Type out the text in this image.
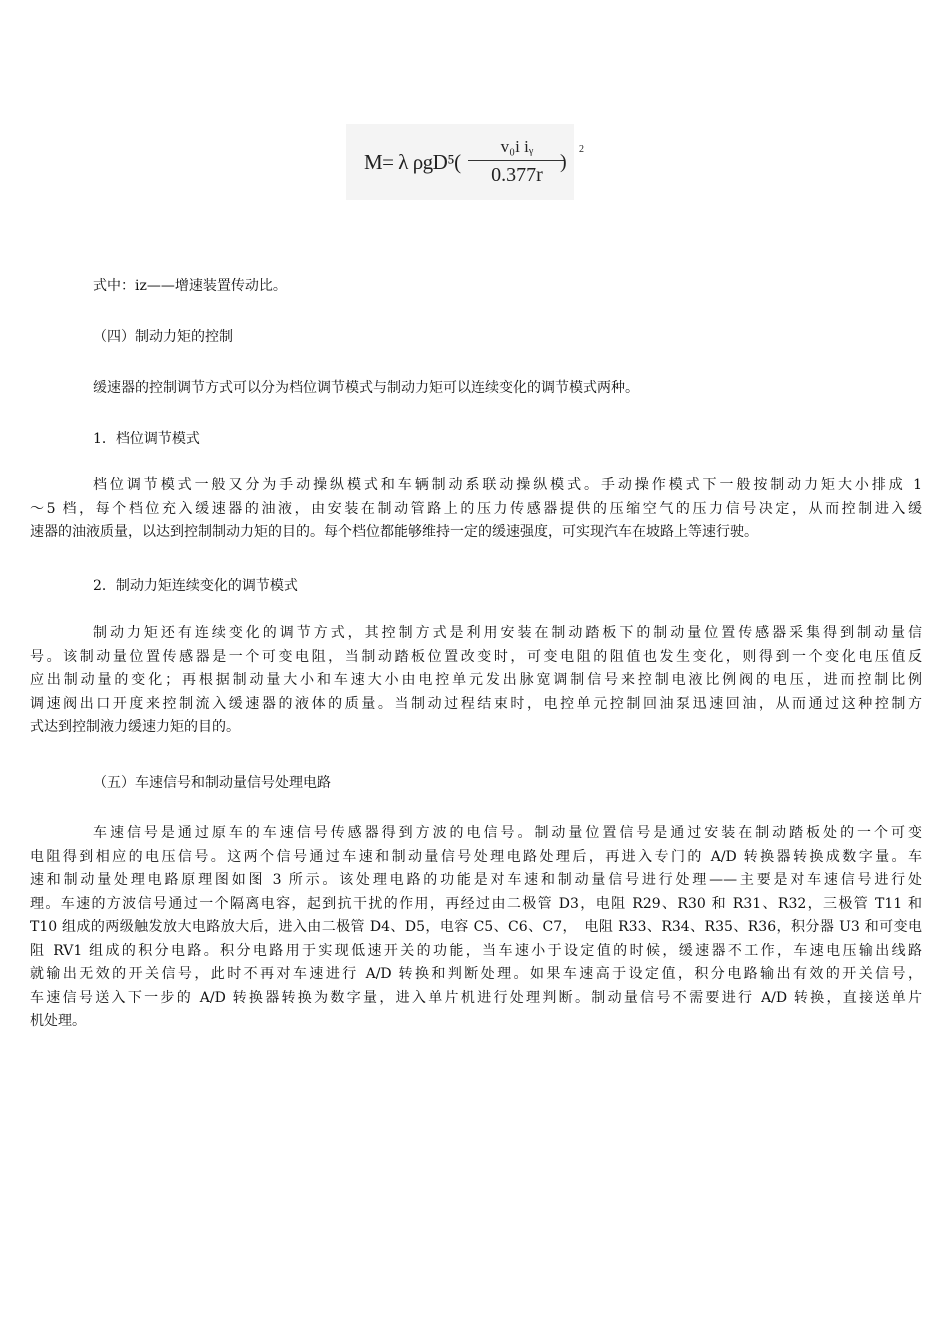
M= λ ρgD⁵(
v₀i iᵧ
0.377r
)
2
式中：iz——增速装置传动比。
（四）制动力矩的控制
缓速器的控制调节方式可以分为档位调节模式与制动力矩可以连续变化的调节模式两种。
1．档位调节模式
档位调节模式一般又分为手动操纵模式和车辆制动系联动操纵模式。手动操作模式下一般按制动力矩大小排成 1
～5 档，每个档位充入缓速器的油液，由安装在制动管路上的压力传感器提供的压缩空气的压力信号决定，从而控制进入缓
速器的油液质量，以达到控制制动力矩的目的。每个档位都能够维持一定的缓速强度，可实现汽车在坡路上等速行驶。
2．制动力矩连续变化的调节模式
制动力矩还有连续变化的调节方式，其控制方式是利用安装在制动踏板下的制动量位置传感器采集得到制动量信
号。该制动量位置传感器是一个可变电阻，当制动踏板位置改变时，可变电阻的阻值也发生变化，则得到一个变化电压值反
应出制动量的变化；再根据制动量大小和车速大小由电控单元发出脉宽调制信号来控制电液比例阀的电压，进而控制比例
调速阀出口开度来控制流入缓速器的液体的质量。当制动过程结束时，电控单元控制回油泵迅速回油，从而通过这种控制方
式达到控制液力缓速力矩的目的。
（五）车速信号和制动量信号处理电路
车速信号是通过原车的车速信号传感器得到方波的电信号。制动量位置信号是通过安装在制动踏板处的一个可变
电阻得到相应的电压信号。这两个信号通过车速和制动量信号处理电路处理后，再进入专门的 A/D 转换器转换成数字量。车
速和制动量处理电路原理图如图 3 所示。该处理电路的功能是对车速和制动量信号进行处理——主要是对车速信号进行处
理。车速的方波信号通过一个隔离电容，起到抗干扰的作用，再经过由二极管 D3，电阻 R29、R30 和 R31、R32，三极管 T11 和
T10 组成的两级触发放大电路放大后，进入由二极管 D4、D5，电容 C5、C6、C7，　电阻 R33、R34、R35、R36，积分器 U3 和可变电
阻 RV1 组成的积分电路。积分电路用于实现低速开关的功能，当车速小于设定值的时候，缓速器不工作，车速电压输出线路
就输出无效的开关信号，此时不再对车速进行 A/D 转换和判断处理。如果车速高于设定值，积分电路输出有效的开关信号，
车速信号送入下一步的 A/D 转换器转换为数字量，进入单片机进行处理判断。制动量信号不需要进行 A/D 转换，直接送单片
机处理。
